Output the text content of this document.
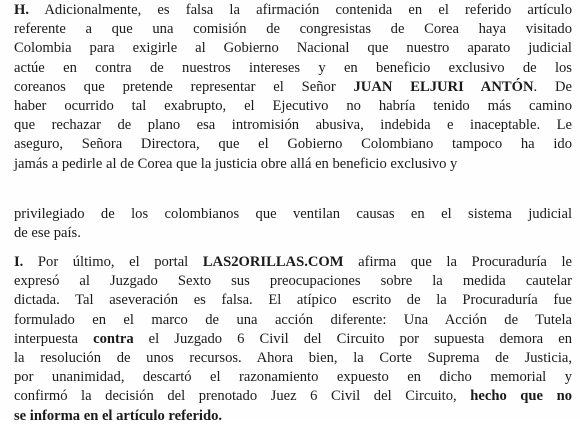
H. Adicionalmente, es falsa la afirmación contenida en el referido artículo
referente a que una comisión de congresistas de Corea haya visitado
Colombia para exigirle al Gobierno Nacional que nuestro aparato judicial
actúe en contra de nuestros intereses y en beneficio exclusivo de los
coreanos que pretende representar el Señor JUAN ELJURI ANTÓN. De
haber ocurrido tal exabrupto, el Ejecutivo no habría tenido más camino
que rechazar de plano esa intromisión abusiva, indebida e inaceptable. Le
aseguro, Señora Directora, que el Gobierno Colombiano tampoco ha ido
jamás a pedirle al de Corea que la justicia obre allá en beneficio exclusivo y
privilegiado de los colombianos que ventilan causas en el sistema judicial
de ese país.
I. Por último, el portal LAS2ORILLAS.COM afirma que la Procuraduría le
expresó al Juzgado Sexto sus preocupaciones sobre la medida cautelar
dictada. Tal aseveración es falsa. El atípico escrito de la Procuraduría fue
formulado en el marco de una acción diferente: Una Acción de Tutela
interpuesta contra el Juzgado 6 Civil del Circuito por supuesta demora en
la resolución de unos recursos. Ahora bien, la Corte Suprema de Justicia,
por unanimidad, descartó el razonamiento expuesto en dicho memorial y
confirmó la decisión del prenotado Juez 6 Civil del Circuito, hecho que no
se informa en el artículo referido.
